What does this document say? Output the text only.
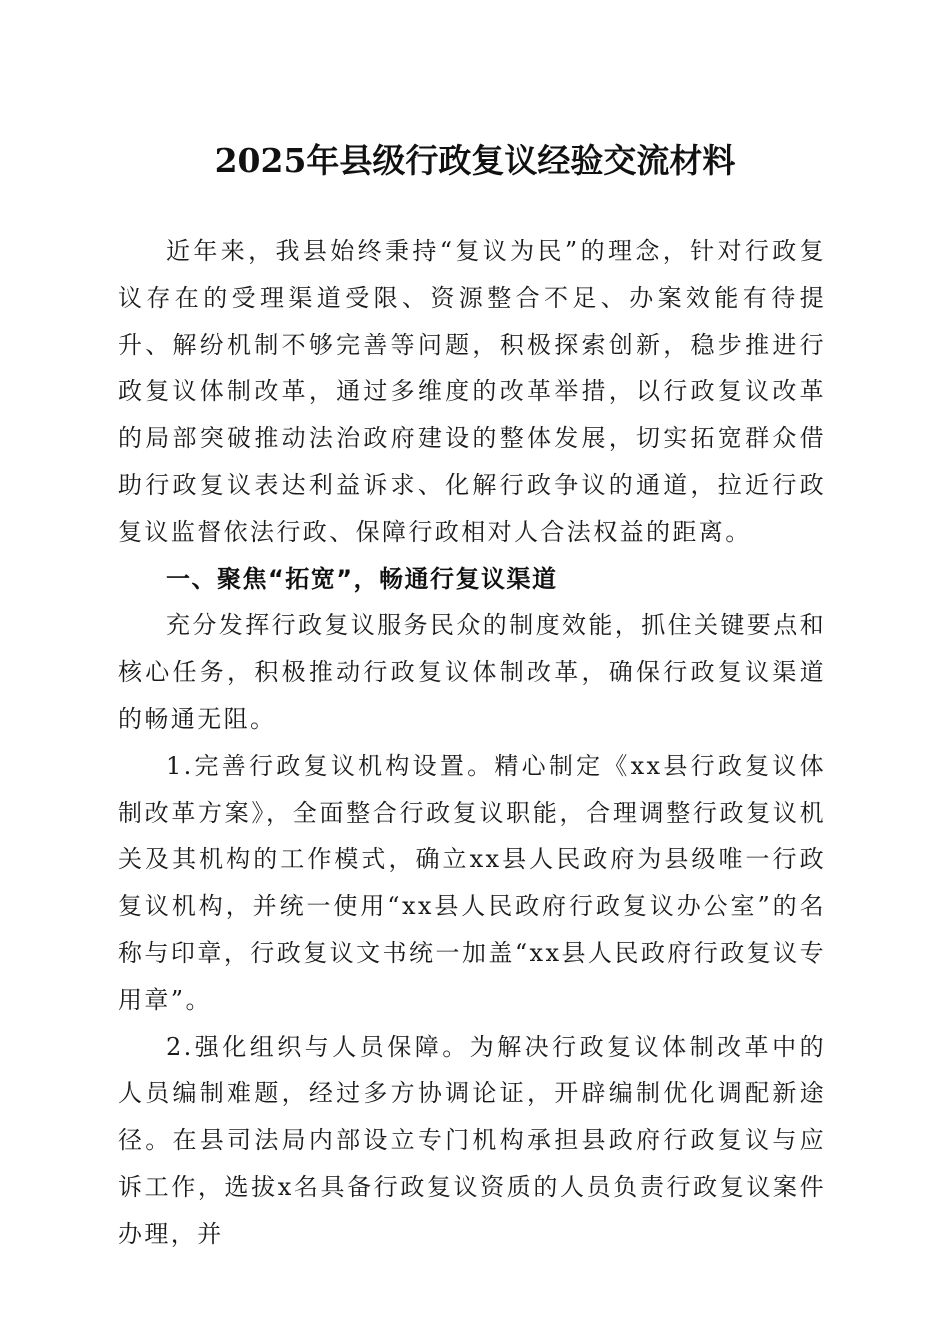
2025年县级行政复议经验交流材料

近年来，我县始终秉持“复议为民”的理念，针对行政复议存在的受理渠道受限、资源整合不足、办案效能有待提升、解纷机制不够完善等问题，积极探索创新，稳步推进行政复议体制改革，通过多维度的改革举措，以行政复议改革的局部突破推动法治政府建设的整体发展，切实拓宽群众借助行政复议表达利益诉求、化解行政争议的通道，拉近行政复议监督依法行政、保障行政相对人合法权益的距离。

一、聚焦“拓宽”，畅通行复议渠道

充分发挥行政复议服务民众的制度效能，抓住关键要点和核心任务，积极推动行政复议体制改革，确保行政复议渠道的畅通无阻。

1.完善行政复议机构设置。精心制定《xx县行政复议体制改革方案》，全面整合行政复议职能，合理调整行政复议机关及其机构的工作模式，确立xx县人民政府为县级唯一行政复议机构，并统一使用“xx县人民政府行政复议办公室”的名称与印章，行政复议文书统一加盖“xx县人民政府行政复议专用章”。

2.强化组织与人员保障。为解决行政复议体制改革中的人员编制难题，经过多方协调论证，开辟编制优化调配新途径。在县司法局内部设立专门机构承担县政府行政复议与应诉工作，选拔x名具备行政复议资质的人员负责行政复议案件办理，并
